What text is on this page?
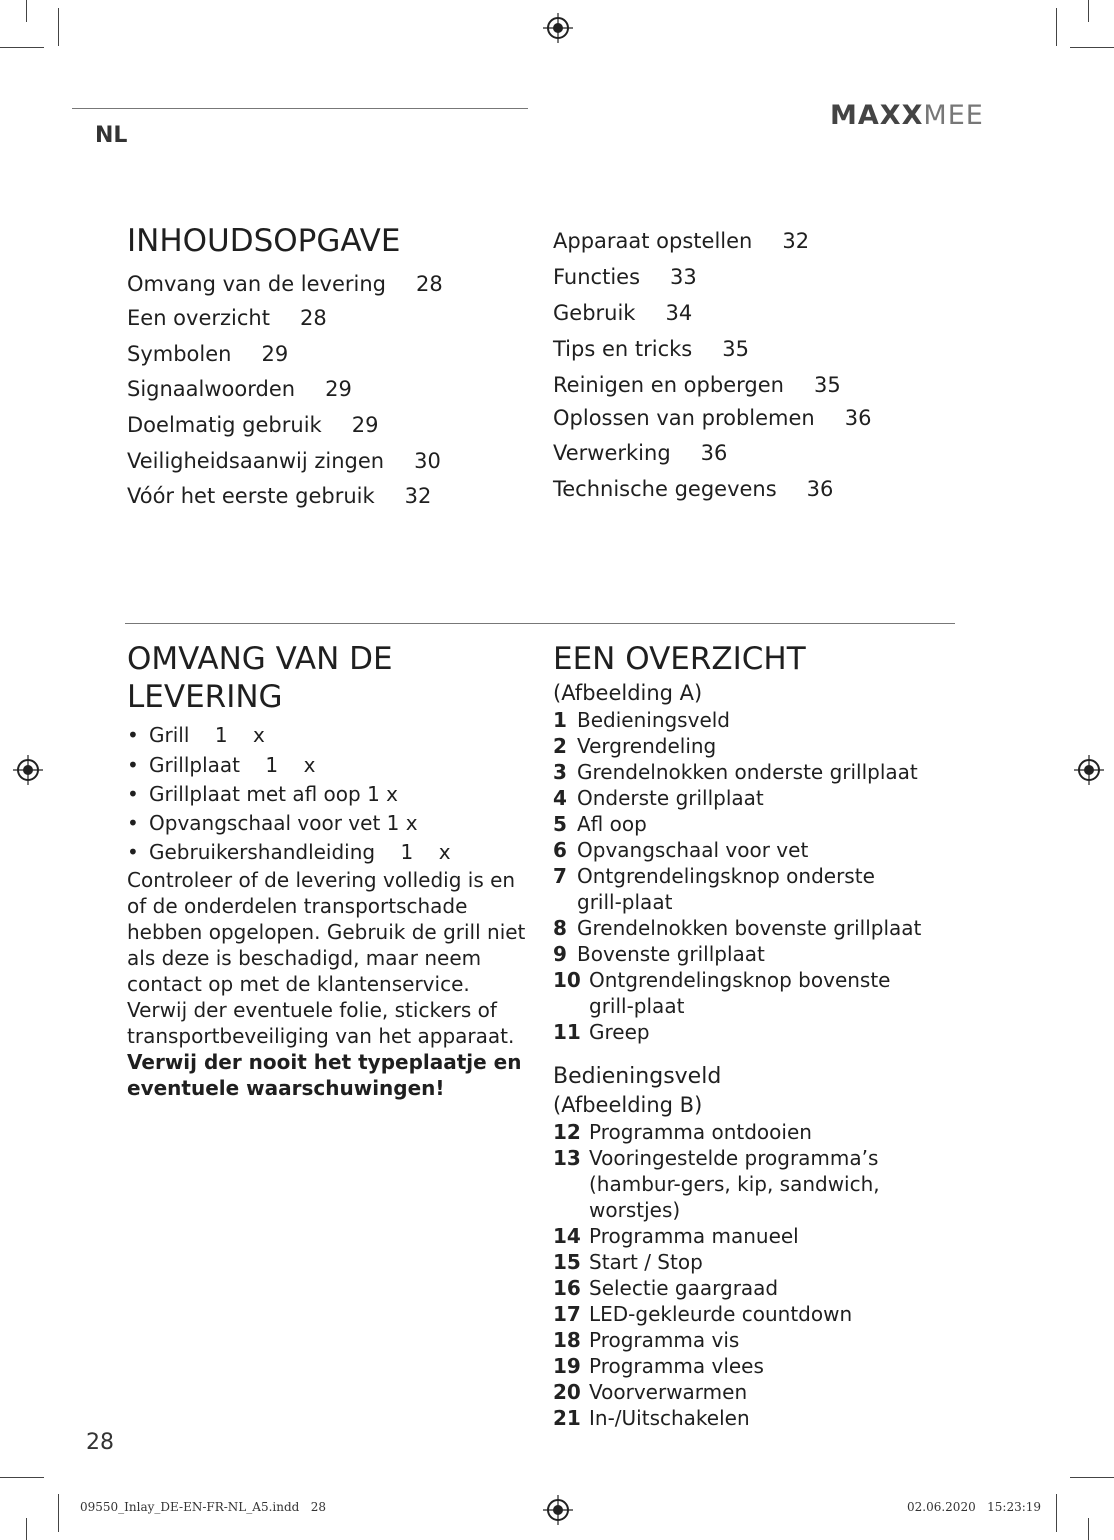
NL
MAXXMEE
INHOUDSOPGAVE
Omvang van de levering 28
Een overzicht 28
Symbolen 29
Signaalwoorden 29
Doelmatig gebruik 29
Veiligheidsaanwij zingen 30
Vóór het eerste gebruik 32
Apparaat opstellen 32
Functies 33
Gebruik 34
Tips en tricks 35
Reinigen en opbergen 35
Oplossen van problemen 36
Verwerking 36
Technische gegevens 36
OMVANG VAN DE
LEVERING
• Grill    1    x
• Grillplaat    1    x
• Grillplaat met afl oop 1 x
• Opvangschaal voor vet 1 x
• Gebruikershandleiding    1    x

Controleer of de levering volledig is en of de onderdelen transportschade hebben opgelopen. Gebruik de grill niet als deze is beschadigd, maar neem contact op met de klantenservice.

Verwij der eventuele folie, stickers of transportbeveiliging van het apparaat.

Verwij der nooit het typeplaatje en eventuele waarschuwingen!

EEN OVERZICHT

(Afbeelding A)

1 Bedieningsveld
2 Vergrendeling
3 Grendelnokken onderste grillplaat
4 Onderste grillplaat
5 Afl oop
6 Opvangschaal voor vet
7 Ontgrendelingsknop onderste grill-plaat
8 Grendelnokken bovenste grillplaat
9 Bovenste grillplaat
10 Ontgrendelingsknop bovenste grill-plaat
11 Greep

Bedieningsveld

(Afbeelding B)

12 Programma ontdooien
13 Vooringestelde programma’s (hambur-gers, kip, sandwich, worstjes)
14 Programma manueel
15 Start / Stop
16 Selectie gaargraad
17 LED-gekleurde countdown
18 Programma vis
19 Programma vlees
20 Voorverwarmen
21 In-/Uitschakelen
28
09550_Inlay_DE-EN-FR-NL_A5.indd   28	02.06.2020   15:23:19
